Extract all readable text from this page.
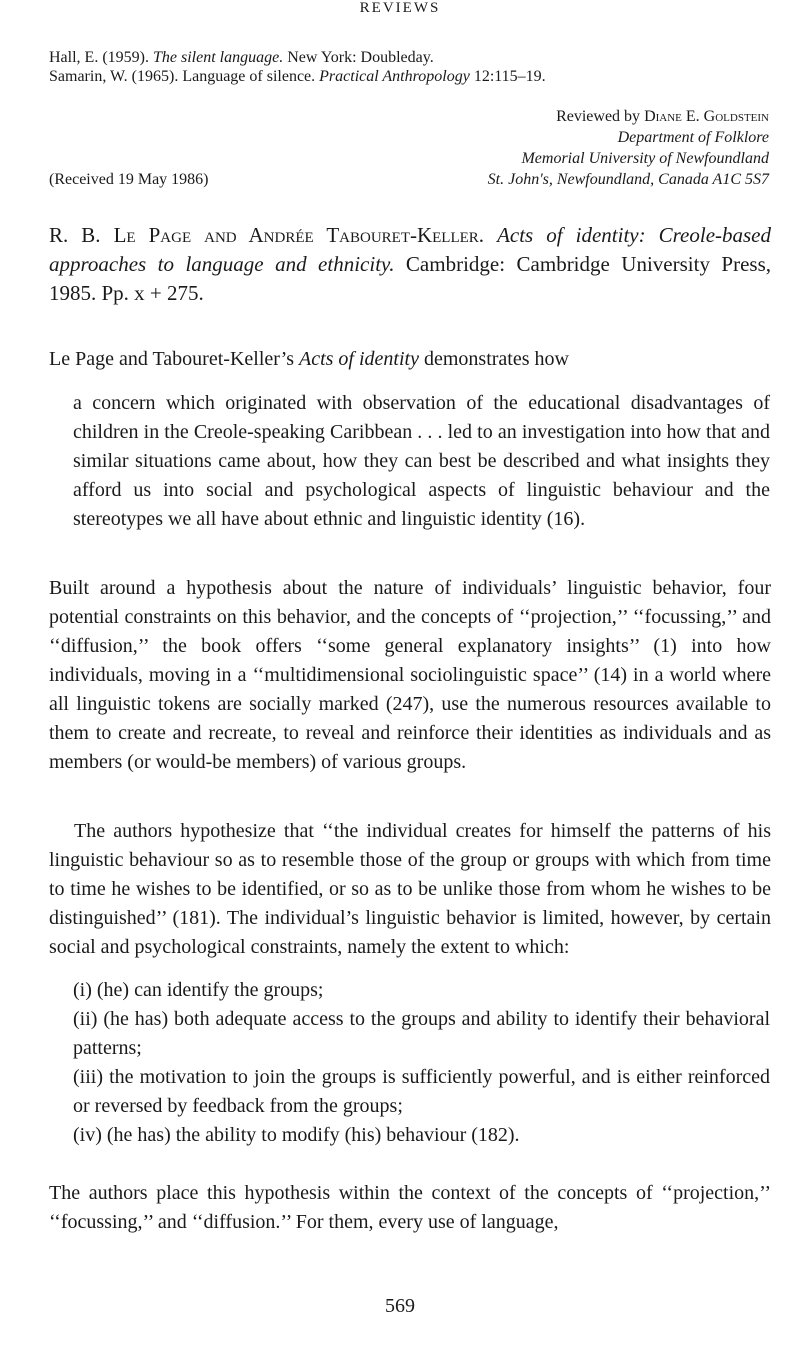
REVIEWS
Hall, E. (1959). The silent language. New York: Doubleday.
Samarin, W. (1965). Language of silence. Practical Anthropology 12:115–19.
Reviewed by Diane E. Goldstein
Department of Folklore
Memorial University of Newfoundland
St. John's, Newfoundland, Canada A1C 5S7
(Received 19 May 1986)
R. B. Le Page and Andrée Tabouret-Keller. Acts of identity: Creole-based approaches to language and ethnicity. Cambridge: Cambridge University Press, 1985. Pp. x + 275.
Le Page and Tabouret-Keller’s Acts of identity demonstrates how
a concern which originated with observation of the educational disadvantages of children in the Creole-speaking Caribbean . . . led to an investigation into how that and similar situations came about, how they can best be described and what insights they afford us into social and psychological aspects of linguistic behaviour and the stereotypes we all have about ethnic and linguistic identity (16).
Built around a hypothesis about the nature of individuals’ linguistic behavior, four potential constraints on this behavior, and the concepts of ‘‘projection,’’ ‘‘focussing,’’ and ‘‘diffusion,’’ the book offers ‘‘some general explanatory insights’’ (1) into how individuals, moving in a ‘‘multidimensional sociolinguistic space’’ (14) in a world where all linguistic tokens are socially marked (247), use the numerous resources available to them to create and recreate, to reveal and reinforce their identities as individuals and as members (or would-be members) of various groups.
The authors hypothesize that ‘‘the individual creates for himself the patterns of his linguistic behaviour so as to resemble those of the group or groups with which from time to time he wishes to be identified, or so as to be unlike those from whom he wishes to be distinguished’’ (181). The individual’s linguistic behavior is limited, however, by certain social and psychological constraints, namely the extent to which:
(i) (he) can identify the groups;
(ii) (he has) both adequate access to the groups and ability to identify their behavioral patterns;
(iii) the motivation to join the groups is sufficiently powerful, and is either reinforced or reversed by feedback from the groups;
(iv) (he has) the ability to modify (his) behaviour (182).
The authors place this hypothesis within the context of the concepts of ‘‘projection,’’ ‘‘focussing,’’ and ‘‘diffusion.’’ For them, every use of language,
569
